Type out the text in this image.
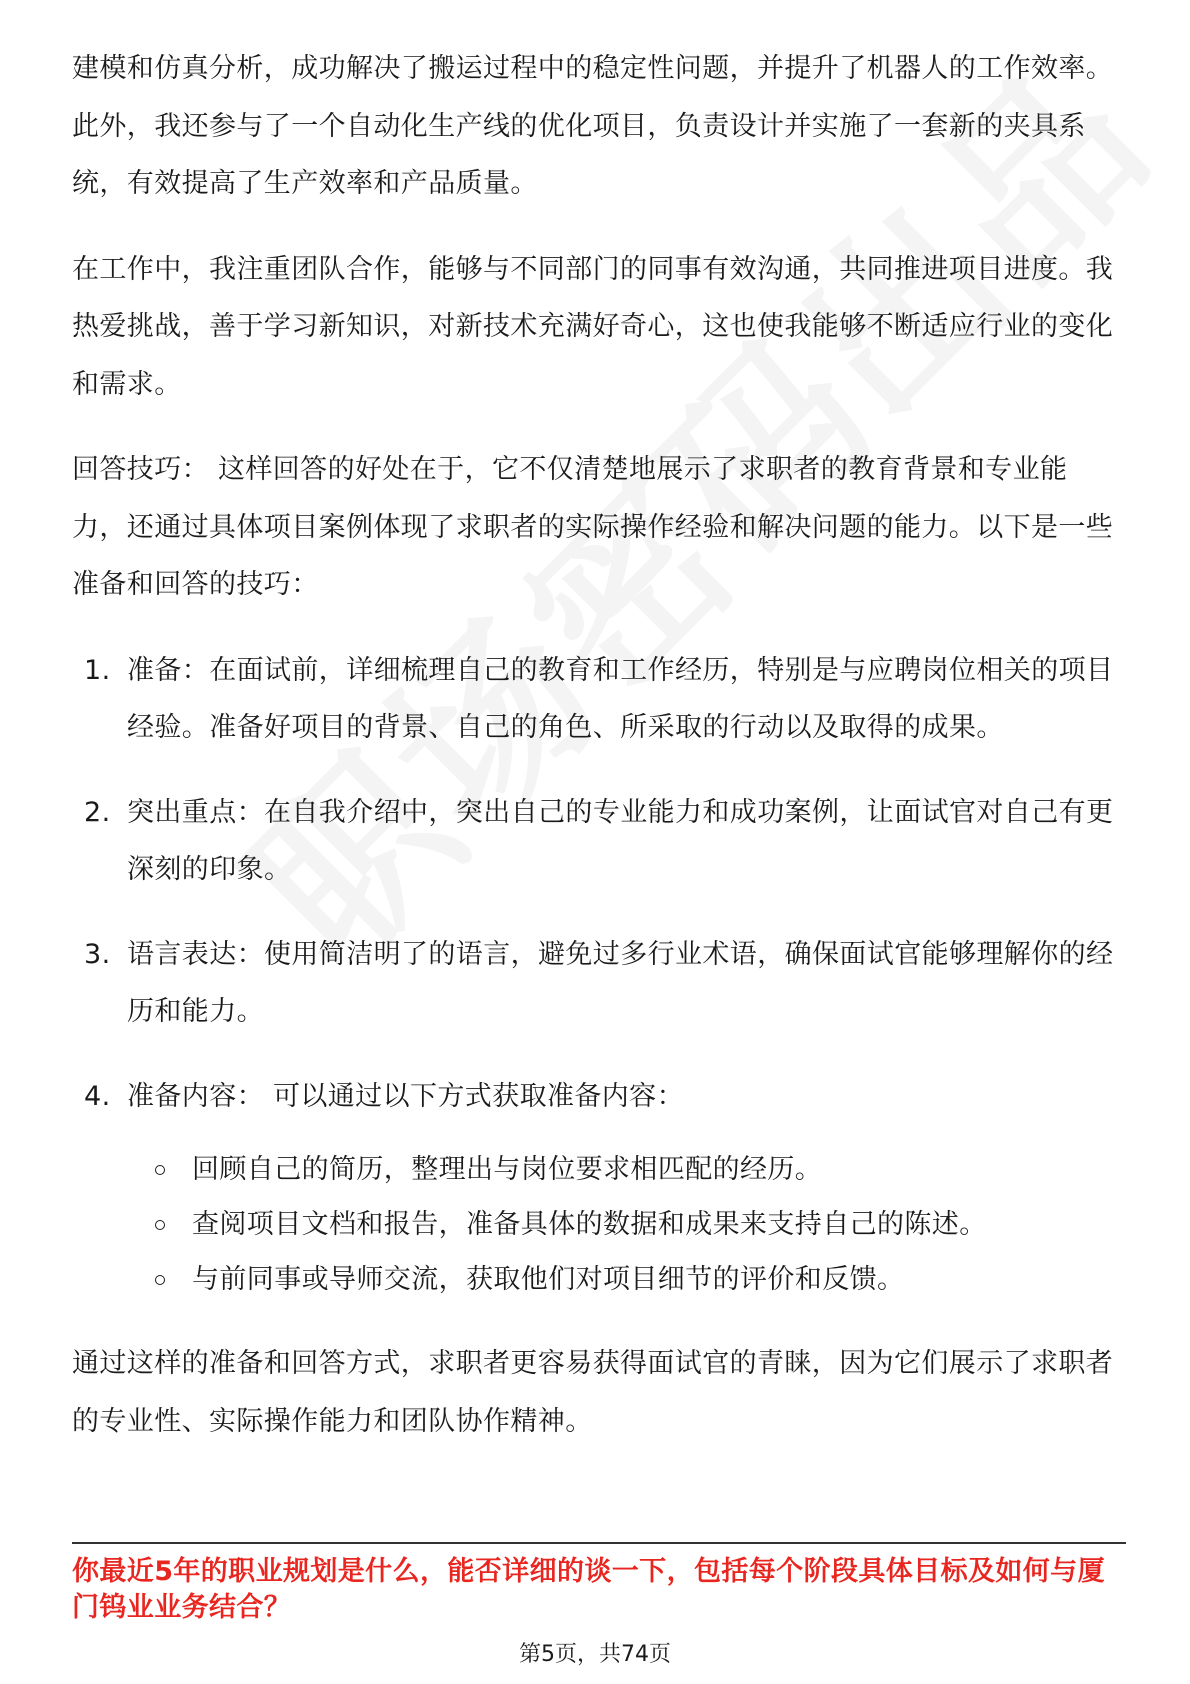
建模和仿真分析，成功解决了搬运过程中的稳定性问题，并提升了机器人的工作效率。此外，我还参与了一个自动化生产线的优化项目，负责设计并实施了一套新的夹具系统，有效提高了生产效率和产品质量。

在工作中，我注重团队合作，能够与不同部门的同事有效沟通，共同推进项目进度。我热爱挑战，善于学习新知识，对新技术充满好奇心，这也使我能够不断适应行业的变化和需求。

回答技巧： 这样回答的好处在于，它不仅清楚地展示了求职者的教育背景和专业能力，还通过具体项目案例体现了求职者的实际操作经验和解决问题的能力。以下是一些准备和回答的技巧：

1. 准备：在面试前，详细梳理自己的教育和工作经历，特别是与应聘岗位相关的项目经验。准备好项目的背景、自己的角色、所采取的行动以及取得的成果。
2. 突出重点：在自我介绍中，突出自己的专业能力和成功案例，让面试官对自己有更深刻的印象。
3. 语言表达：使用简洁明了的语言，避免过多行业术语，确保面试官能够理解你的经历和能力。
4. 准备内容： 可以通过以下方式获取准备内容：
回顾自己的简历，整理出与岗位要求相匹配的经历。
查阅项目文档和报告，准备具体的数据和成果来支持自己的陈述。
与前同事或导师交流，获取他们对项目细节的评价和反馈。

通过这样的准备和回答方式，求职者更容易获得面试官的青睐，因为它们展示了求职者的专业性、实际操作能力和团队协作精神。

你最近5年的职业规划是什么，能否详细的谈一下，包括每个阶段具体目标及如何与厦门钨业业务结合？
第5页，共74页
